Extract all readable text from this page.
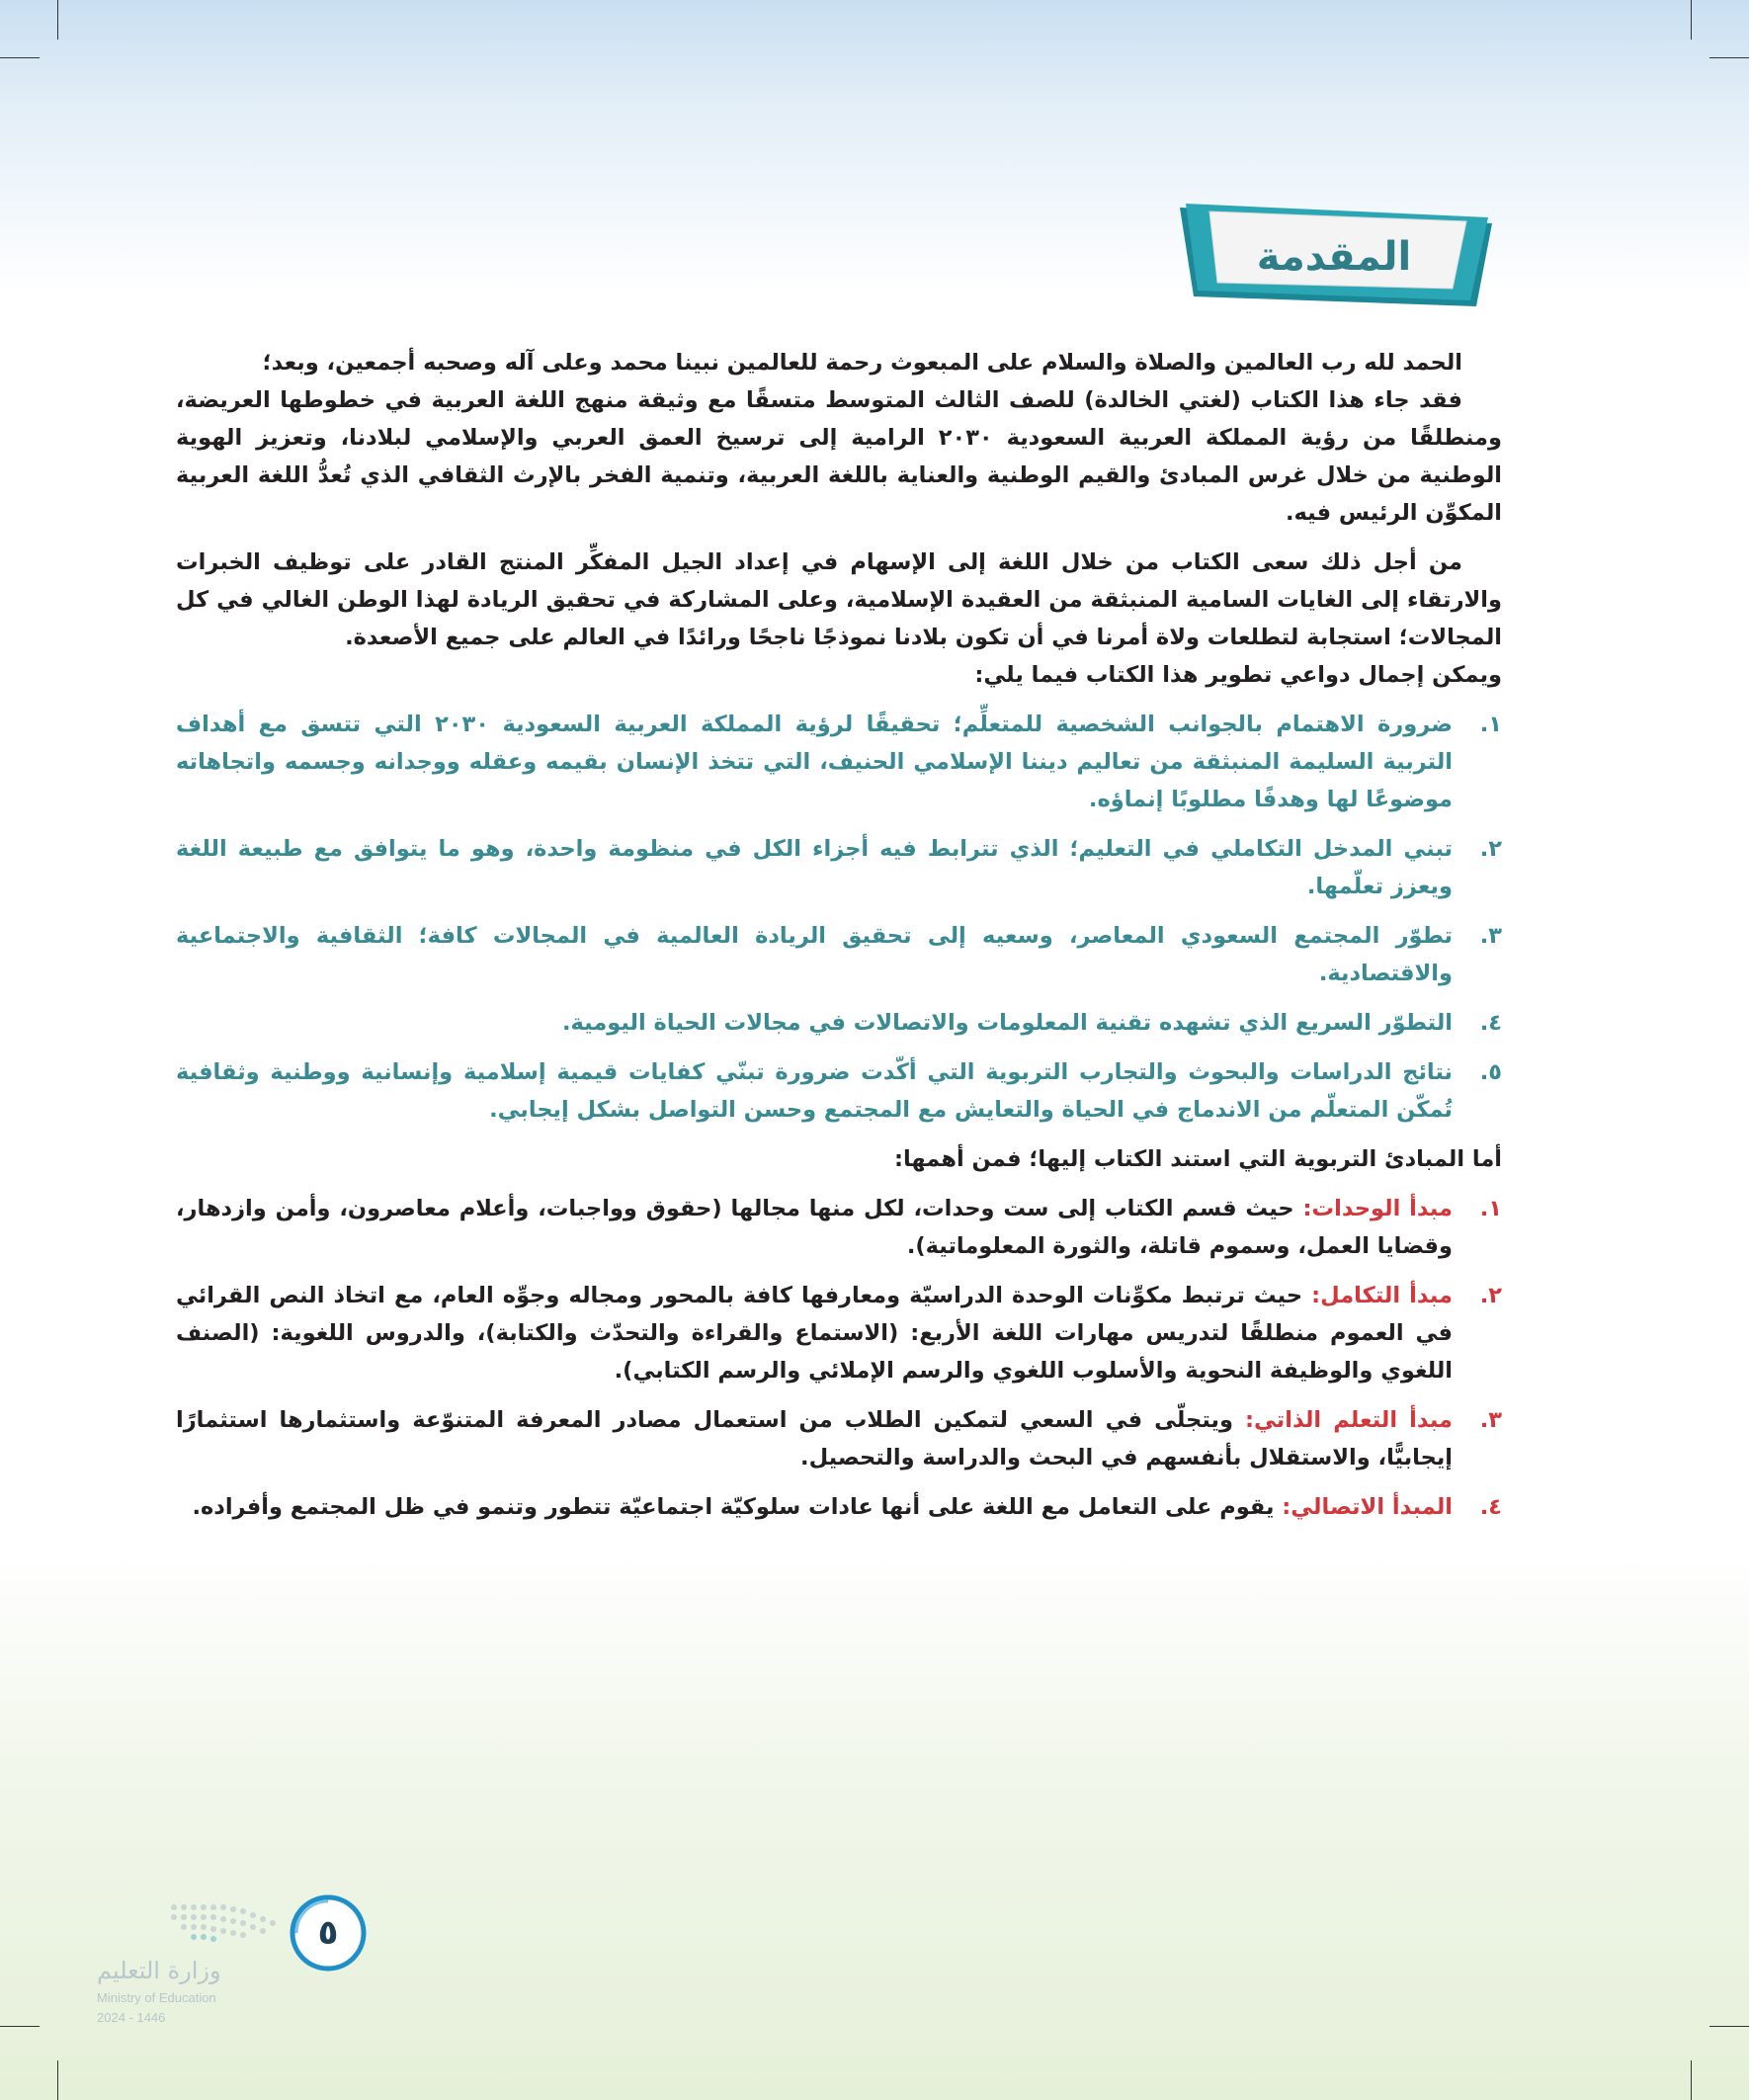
المقدمة

الحمد لله رب العالمين والصلاة والسلام على المبعوث رحمة للعالمين نبينا محمد وعلى آله وصحبه أجمعين، وبعد؛

فقد جاء هذا الكتاب (لغتي الخالدة) للصف الثالث المتوسط متسقًا مع وثيقة منهج اللغة العربية في خطوطها العريضة، ومنطلقًا من رؤية المملكة العربية السعودية ٢٠٣٠ الرامية إلى ترسيخ العمق العربي والإسلامي لبلادنا، وتعزيز الهوية الوطنية من خلال غرس المبادئ والقيم الوطنية والعناية باللغة العربية، وتنمية الفخر بالإرث الثقافي الذي تُعدُّ اللغة العربية المكوِّن الرئيس فيه.

من أجل ذلك سعى الكتاب من خلال اللغة إلى الإسهام في إعداد الجيل المفكِّر المنتج القادر على توظيف الخبرات والارتقاء إلى الغايات السامية المنبثقة من العقيدة الإسلامية، وعلى المشاركة في تحقيق الريادة لهذا الوطن الغالي في كل المجالات؛ استجابة لتطلعات ولاة أمرنا في أن تكون بلادنا نموذجًا ناجحًا ورائدًا في العالم على جميع الأصعدة.

ويمكن إجمال دواعي تطوير هذا الكتاب فيما يلي:

١.
ضرورة الاهتمام بالجوانب الشخصية للمتعلِّم؛ تحقيقًا لرؤية المملكة العربية السعودية ٢٠٣٠ التي تتسق مع أهداف التربية السليمة المنبثقة من تعاليم ديننا الإسلامي الحنيف، التي تتخذ الإنسان بقيمه وعقله ووجدانه وجسمه واتجاهاته موضوعًا لها وهدفًا مطلوبًا إنماؤه.
٢.
تبني المدخل التكاملي في التعليم؛ الذي تترابط فيه أجزاء الكل في منظومة واحدة، وهو ما يتوافق مع طبيعة اللغة ويعزز تعلّمها.
٣.
تطوّر المجتمع السعودي المعاصر، وسعيه إلى تحقيق الريادة العالمية في المجالات كافة؛ الثقافية والاجتماعية والاقتصادية.
٤.
التطوّر السريع الذي تشهده تقنية المعلومات والاتصالات في مجالات الحياة اليومية.
٥.
نتائج الدراسات والبحوث والتجارب التربوية التي أكّدت ضرورة تبنّي كفايات قيمية إسلامية وإنسانية ووطنية وثقافية تُمكّن المتعلّم من الاندماج في الحياة والتعايش مع المجتمع وحسن التواصل بشكل إيجابي.

أما المبادئ التربوية التي استند الكتاب إليها؛ فمن أهمها:

١.
مبدأ الوحدات: حيث قسم الكتاب إلى ست وحدات، لكل منها مجالها (حقوق وواجبات، وأعلام معاصرون، وأمن وازدهار، وقضايا العمل، وسموم قاتلة، والثورة المعلوماتية).
٢.
مبدأ التكامل: حيث ترتبط مكوِّنات الوحدة الدراسيّة ومعارفها كافة بالمحور ومجاله وجوِّه العام، مع اتخاذ النص القرائي في العموم منطلقًا لتدريس مهارات اللغة الأربع: (الاستماع والقراءة والتحدّث والكتابة)، والدروس اللغوية: (الصنف اللغوي والوظيفة النحوية والأسلوب اللغوي والرسم الإملائي والرسم الكتابي).
٣.
مبدأ التعلم الذاتي: ويتجلّى في السعي لتمكين الطلاب من استعمال مصادر المعرفة المتنوّعة واستثمارها استثمارًا إيجابيًّا، والاستقلال بأنفسهم في البحث والدراسة والتحصيل.
٤.
المبدأ الاتصالي: يقوم على التعامل مع اللغة على أنها عادات سلوكيّة اجتماعيّة تتطور وتنمو في ظل المجتمع وأفراده.
٥
وزارة التعليم
Ministry of Education
2024 - 1446
